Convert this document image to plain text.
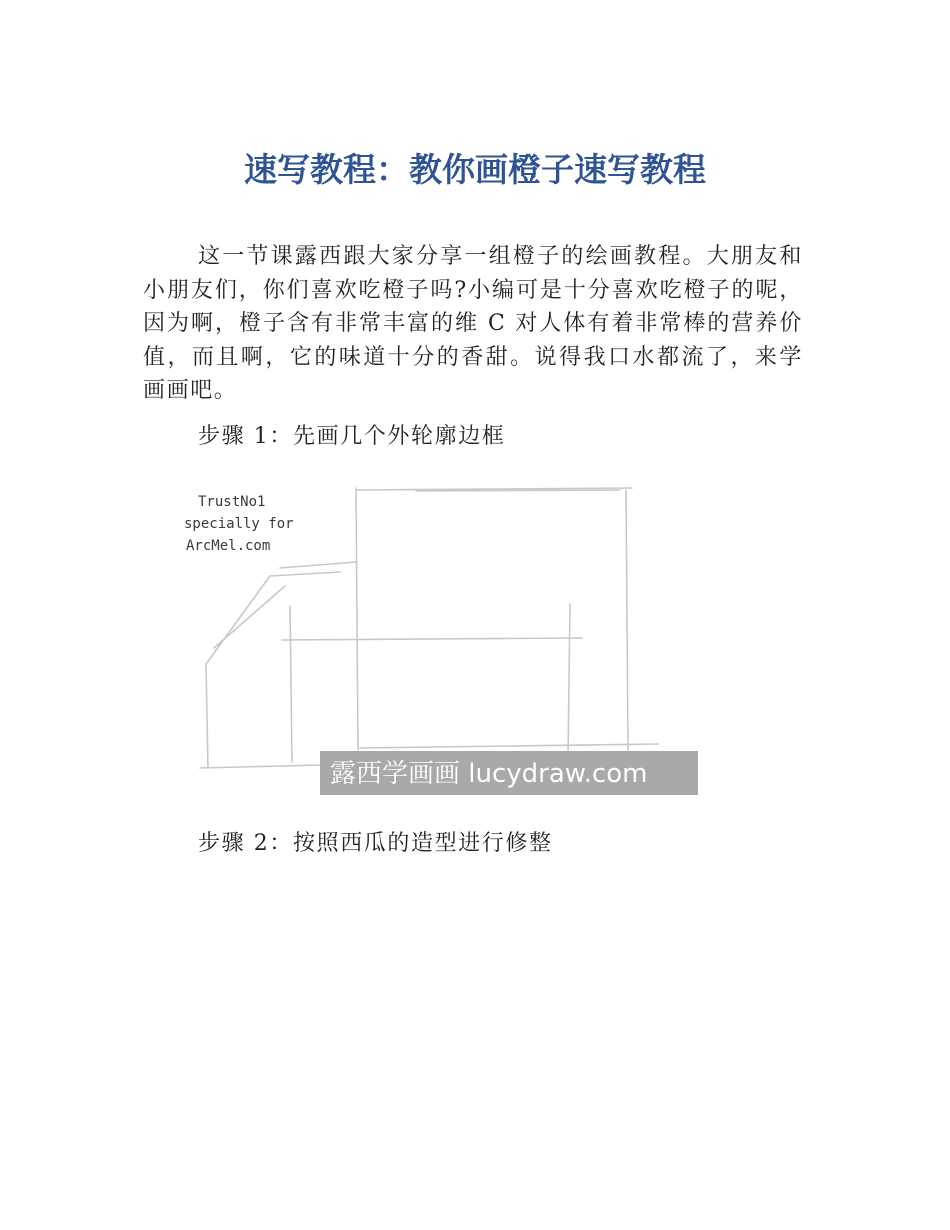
速写教程：教你画橙子速写教程

这一节课露西跟大家分享一组橙子的绘画教程。大朋友和小朋友们，你们喜欢吃橙子吗?小编可是十分喜欢吃橙子的呢，因为啊，橙子含有非常丰富的维 C 对人体有着非常棒的营养价值，而且啊，它的味道十分的香甜。说得我口水都流了，来学画画吧。

步骤 1：先画几个外轮廓边框

TrustNo1
specially for
ArcMel.com
露西学画画 lucydraw.com

步骤 2：按照西瓜的造型进行修整
